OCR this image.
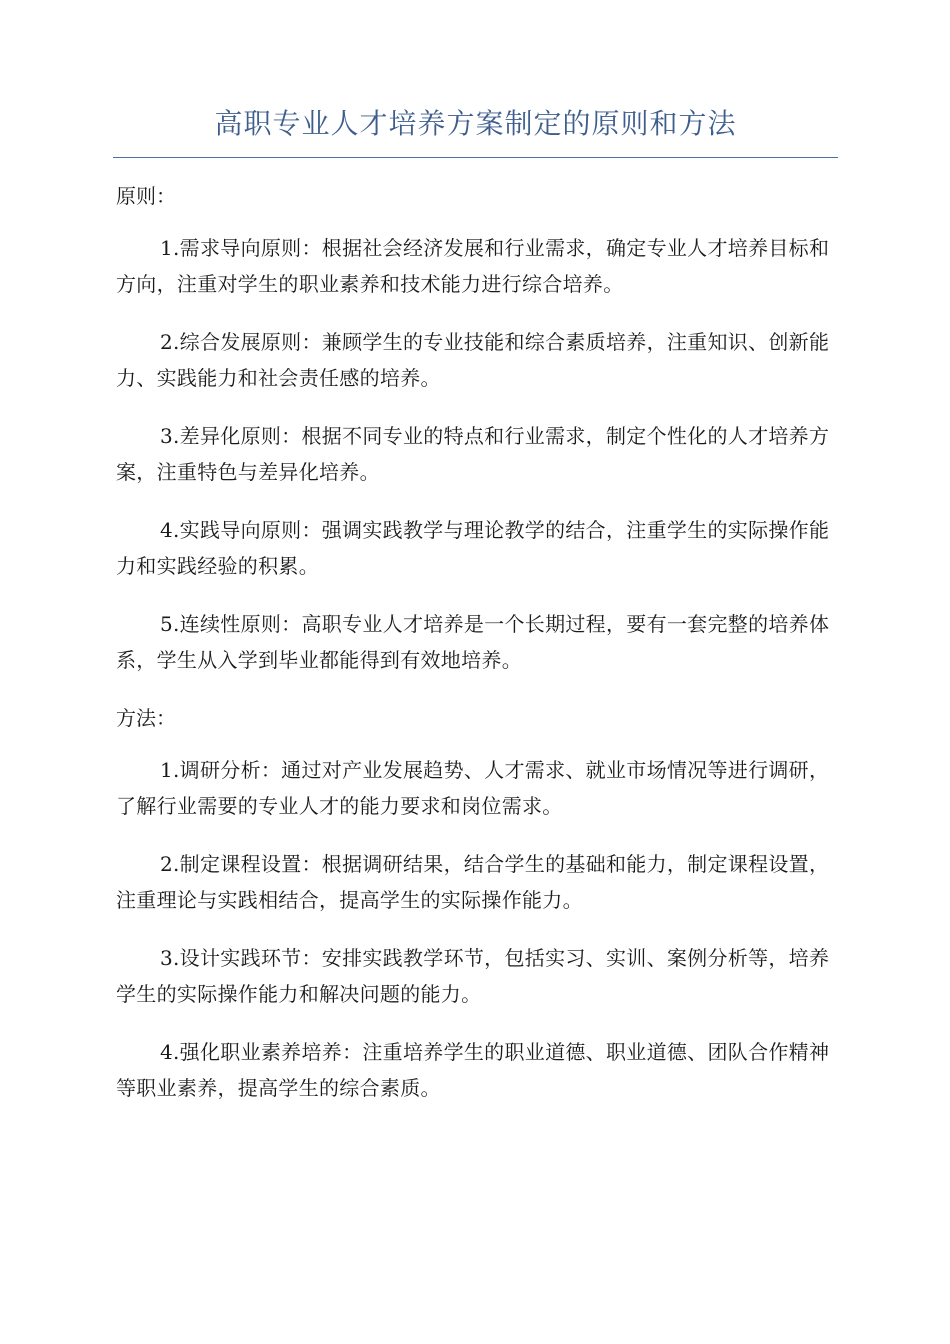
高职专业人才培养方案制定的原则和方法
原则：

1.需求导向原则：根据社会经济发展和行业需求，确定专业人才培养目标和方向，注重对学生的职业素养和技术能力进行综合培养。

2.综合发展原则：兼顾学生的专业技能和综合素质培养，注重知识、创新能力、实践能力和社会责任感的培养。

3.差异化原则：根据不同专业的特点和行业需求，制定个性化的人才培养方案，注重特色与差异化培养。

4.实践导向原则：强调实践教学与理论教学的结合，注重学生的实际操作能力和实践经验的积累。

5.连续性原则：高职专业人才培养是一个长期过程，要有一套完整的培养体系，学生从入学到毕业都能得到有效地培养。

方法：

1.调研分析：通过对产业发展趋势、人才需求、就业市场情况等进行调研，了解行业需要的专业人才的能力要求和岗位需求。

2.制定课程设置：根据调研结果，结合学生的基础和能力，制定课程设置，注重理论与实践相结合，提高学生的实际操作能力。

3.设计实践环节：安排实践教学环节，包括实习、实训、案例分析等，培养学生的实际操作能力和解决问题的能力。

4.强化职业素养培养：注重培养学生的职业道德、职业道德、团队合作精神等职业素养，提高学生的综合素质。
